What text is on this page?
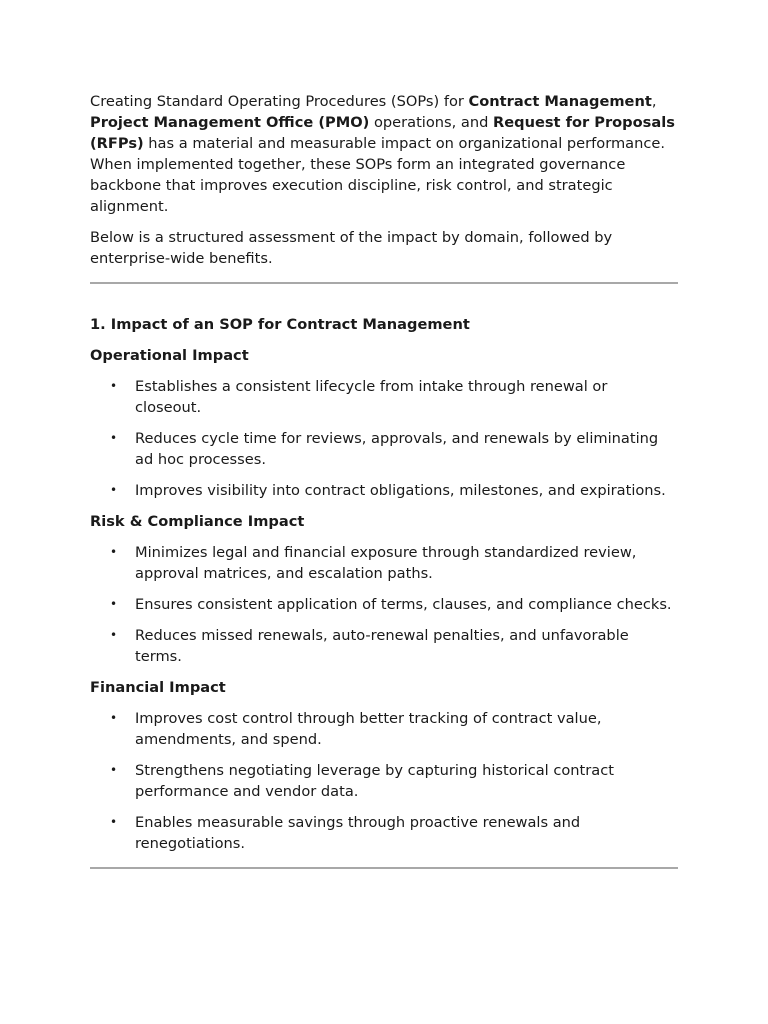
Creating Standard Operating Procedures (SOPs) for Contract Management, Project Management Office (PMO) operations, and Request for Proposals (RFPs) has a material and measurable impact on organizational performance. When implemented together, these SOPs form an integrated governance backbone that improves execution discipline, risk control, and strategic alignment.

Below is a structured assessment of the impact by domain, followed by enterprise-wide benefits.

1. Impact of an SOP for Contract Management
Operational Impact
• Establishes a consistent lifecycle from intake through renewal or closeout.
• Reduces cycle time for reviews, approvals, and renewals by eliminating ad hoc processes.
• Improves visibility into contract obligations, milestones, and expirations.
Risk & Compliance Impact
• Minimizes legal and financial exposure through standardized review, approval matrices, and escalation paths.
• Ensures consistent application of terms, clauses, and compliance checks.
• Reduces missed renewals, auto-renewal penalties, and unfavorable terms.
Financial Impact
• Improves cost control through better tracking of contract value, amendments, and spend.
• Strengthens negotiating leverage by capturing historical contract performance and vendor data.
• Enables measurable savings through proactive renewals and renegotiations.
